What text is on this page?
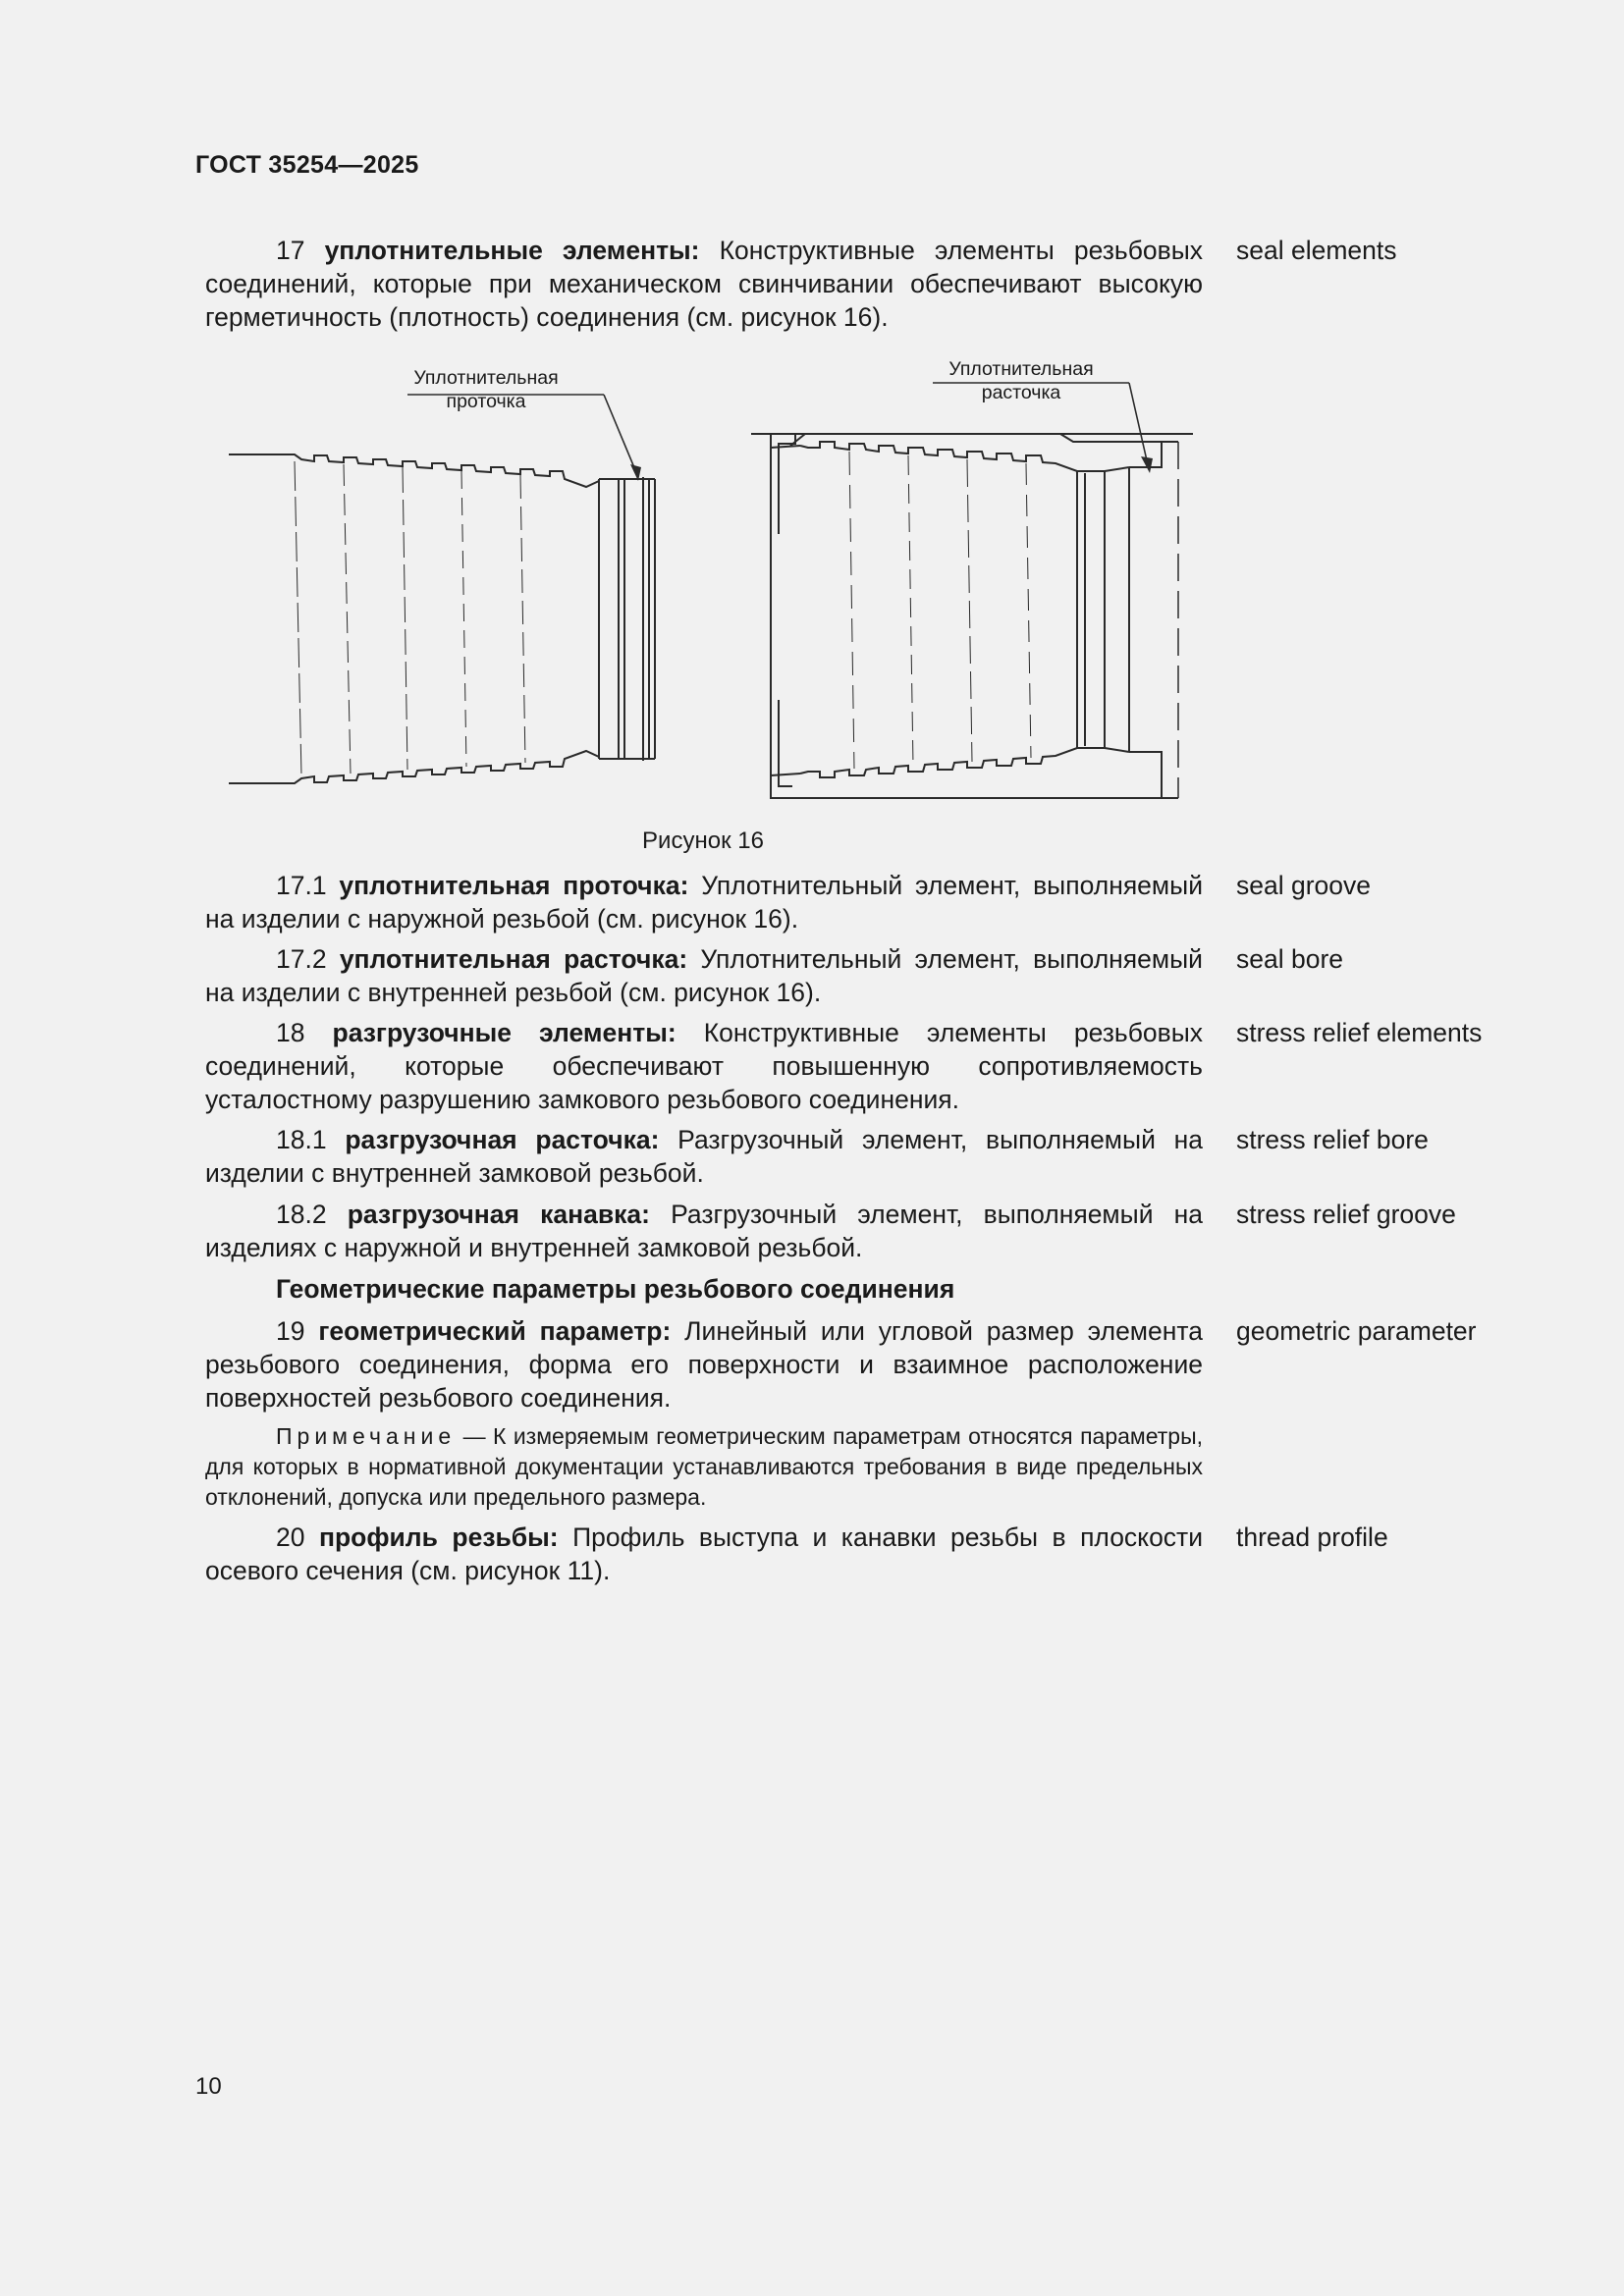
ГОСТ 35254—2025

17 уплотнительные элементы: Конструктивные элементы резьбовых соединений, которые при механическом свинчивании обеспечивают высокую герметичность (плотность) соединения (см. рисунок 16).

seal elements
Уплотнительная
проточка
Уплотнительная
расточка
Рисунок 16

17.1 уплотнительная проточка: Уплотнительный элемент, выполняемый на изделии с наружной резьбой (см. рисунок 16).

seal groove

17.2 уплотнительная расточка: Уплотнительный элемент, выполняемый на изделии с внутренней резьбой (см. рисунок 16).

seal bore

18 разгрузочные элементы: Конструктивные элементы резьбовых соединений, которые обеспечивают повышенную сопротивляемость усталостному разрушению замкового резьбового соединения.

stress relief elements

18.1 разгрузочная расточка: Разгрузочный элемент, выполняемый на изделии с внутренней замковой резьбой.

stress relief bore

18.2 разгрузочная канавка: Разгрузочный элемент, выполняемый на изделиях с наружной и внутренней замковой резьбой.

stress relief groove
Геометрические параметры резьбового соединения

19 геометрический параметр: Линейный или угловой размер элемента резьбового соединения, форма его поверхности и взаимное расположение поверхностей резьбового соединения.

geometric parameter

Примечание — К измеряемым геометрическим параметрам относятся параметры, для которых в нормативной документации устанавливаются требования в виде предельных отклонений, допуска или предельного размера.

20 профиль резьбы: Профиль выступа и канавки резьбы в плоскости осевого сечения (см. рисунок 11).

thread profile
10
